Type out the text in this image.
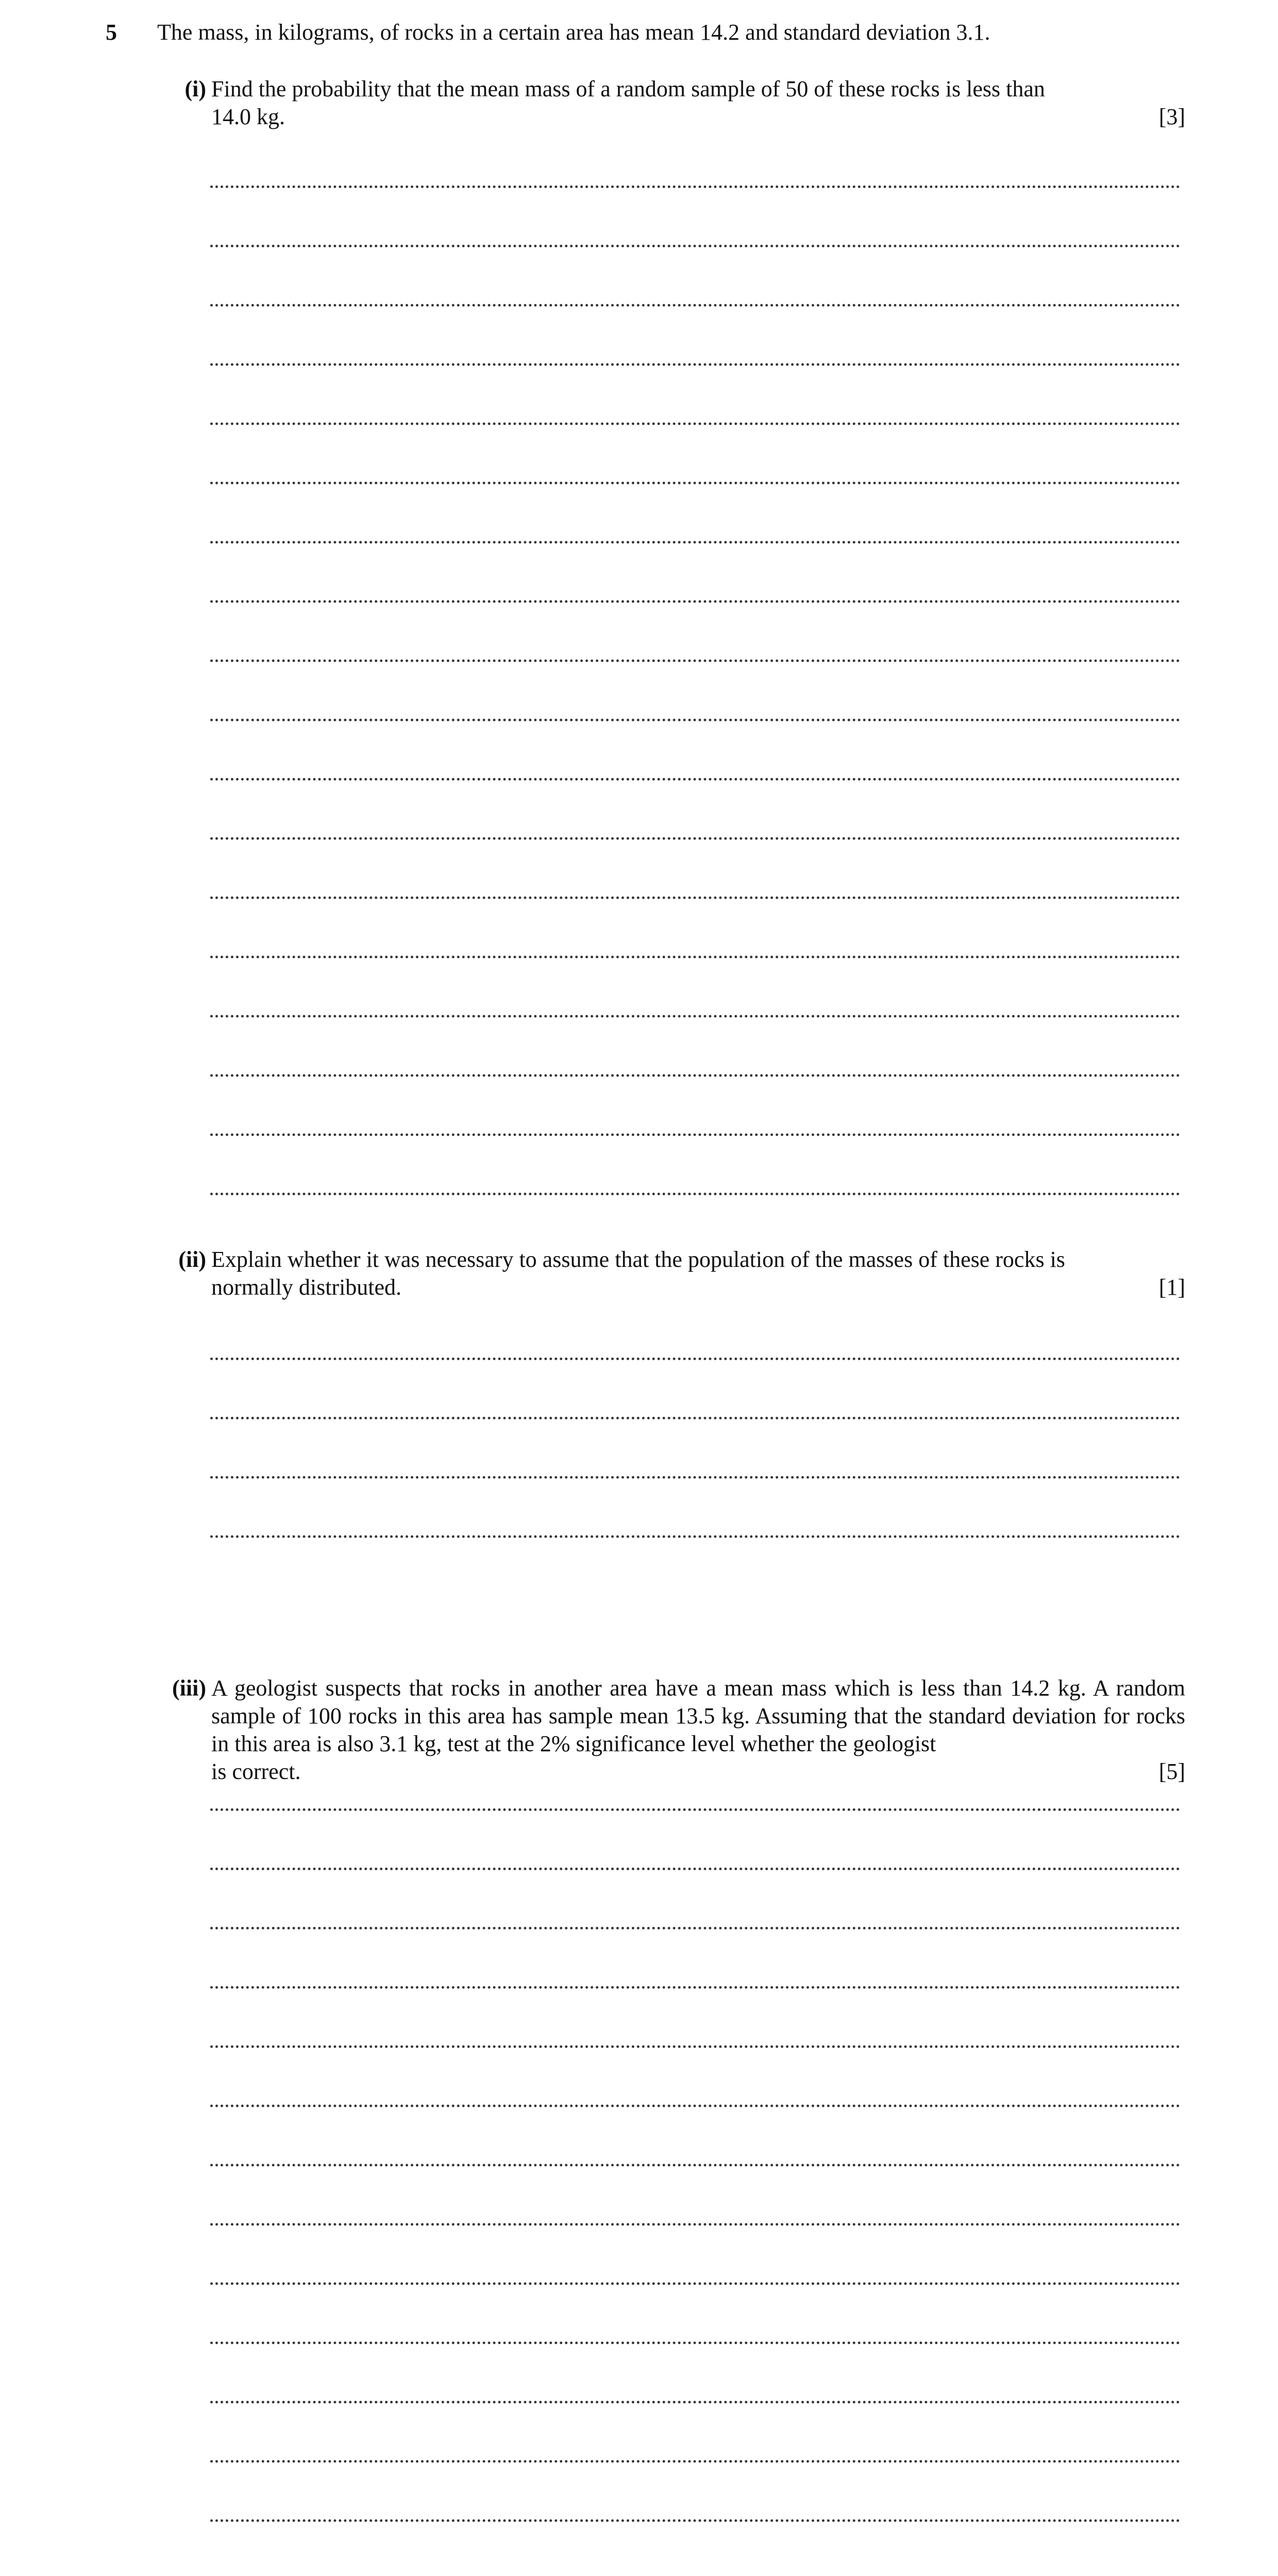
5 The mass, in kilograms, of rocks in a certain area has mean 14.2 and standard deviation 3.1.
(i) Find the probability that the mean mass of a random sample of 50 of these rocks is less than
14.0 kg.	[3]
(ii) Explain whether it was necessary to assume that the population of the masses of these rocks is
normally distributed.	[1]
(iii) A geologist suspects that rocks in another area have a mean mass which is less than 14.2 kg. A random sample of 100 rocks in this area has sample mean 13.5 kg. Assuming that the standard deviation for rocks in this area is also 3.1 kg, test at the 2% significance level whether the geologist
is correct.	[5]
